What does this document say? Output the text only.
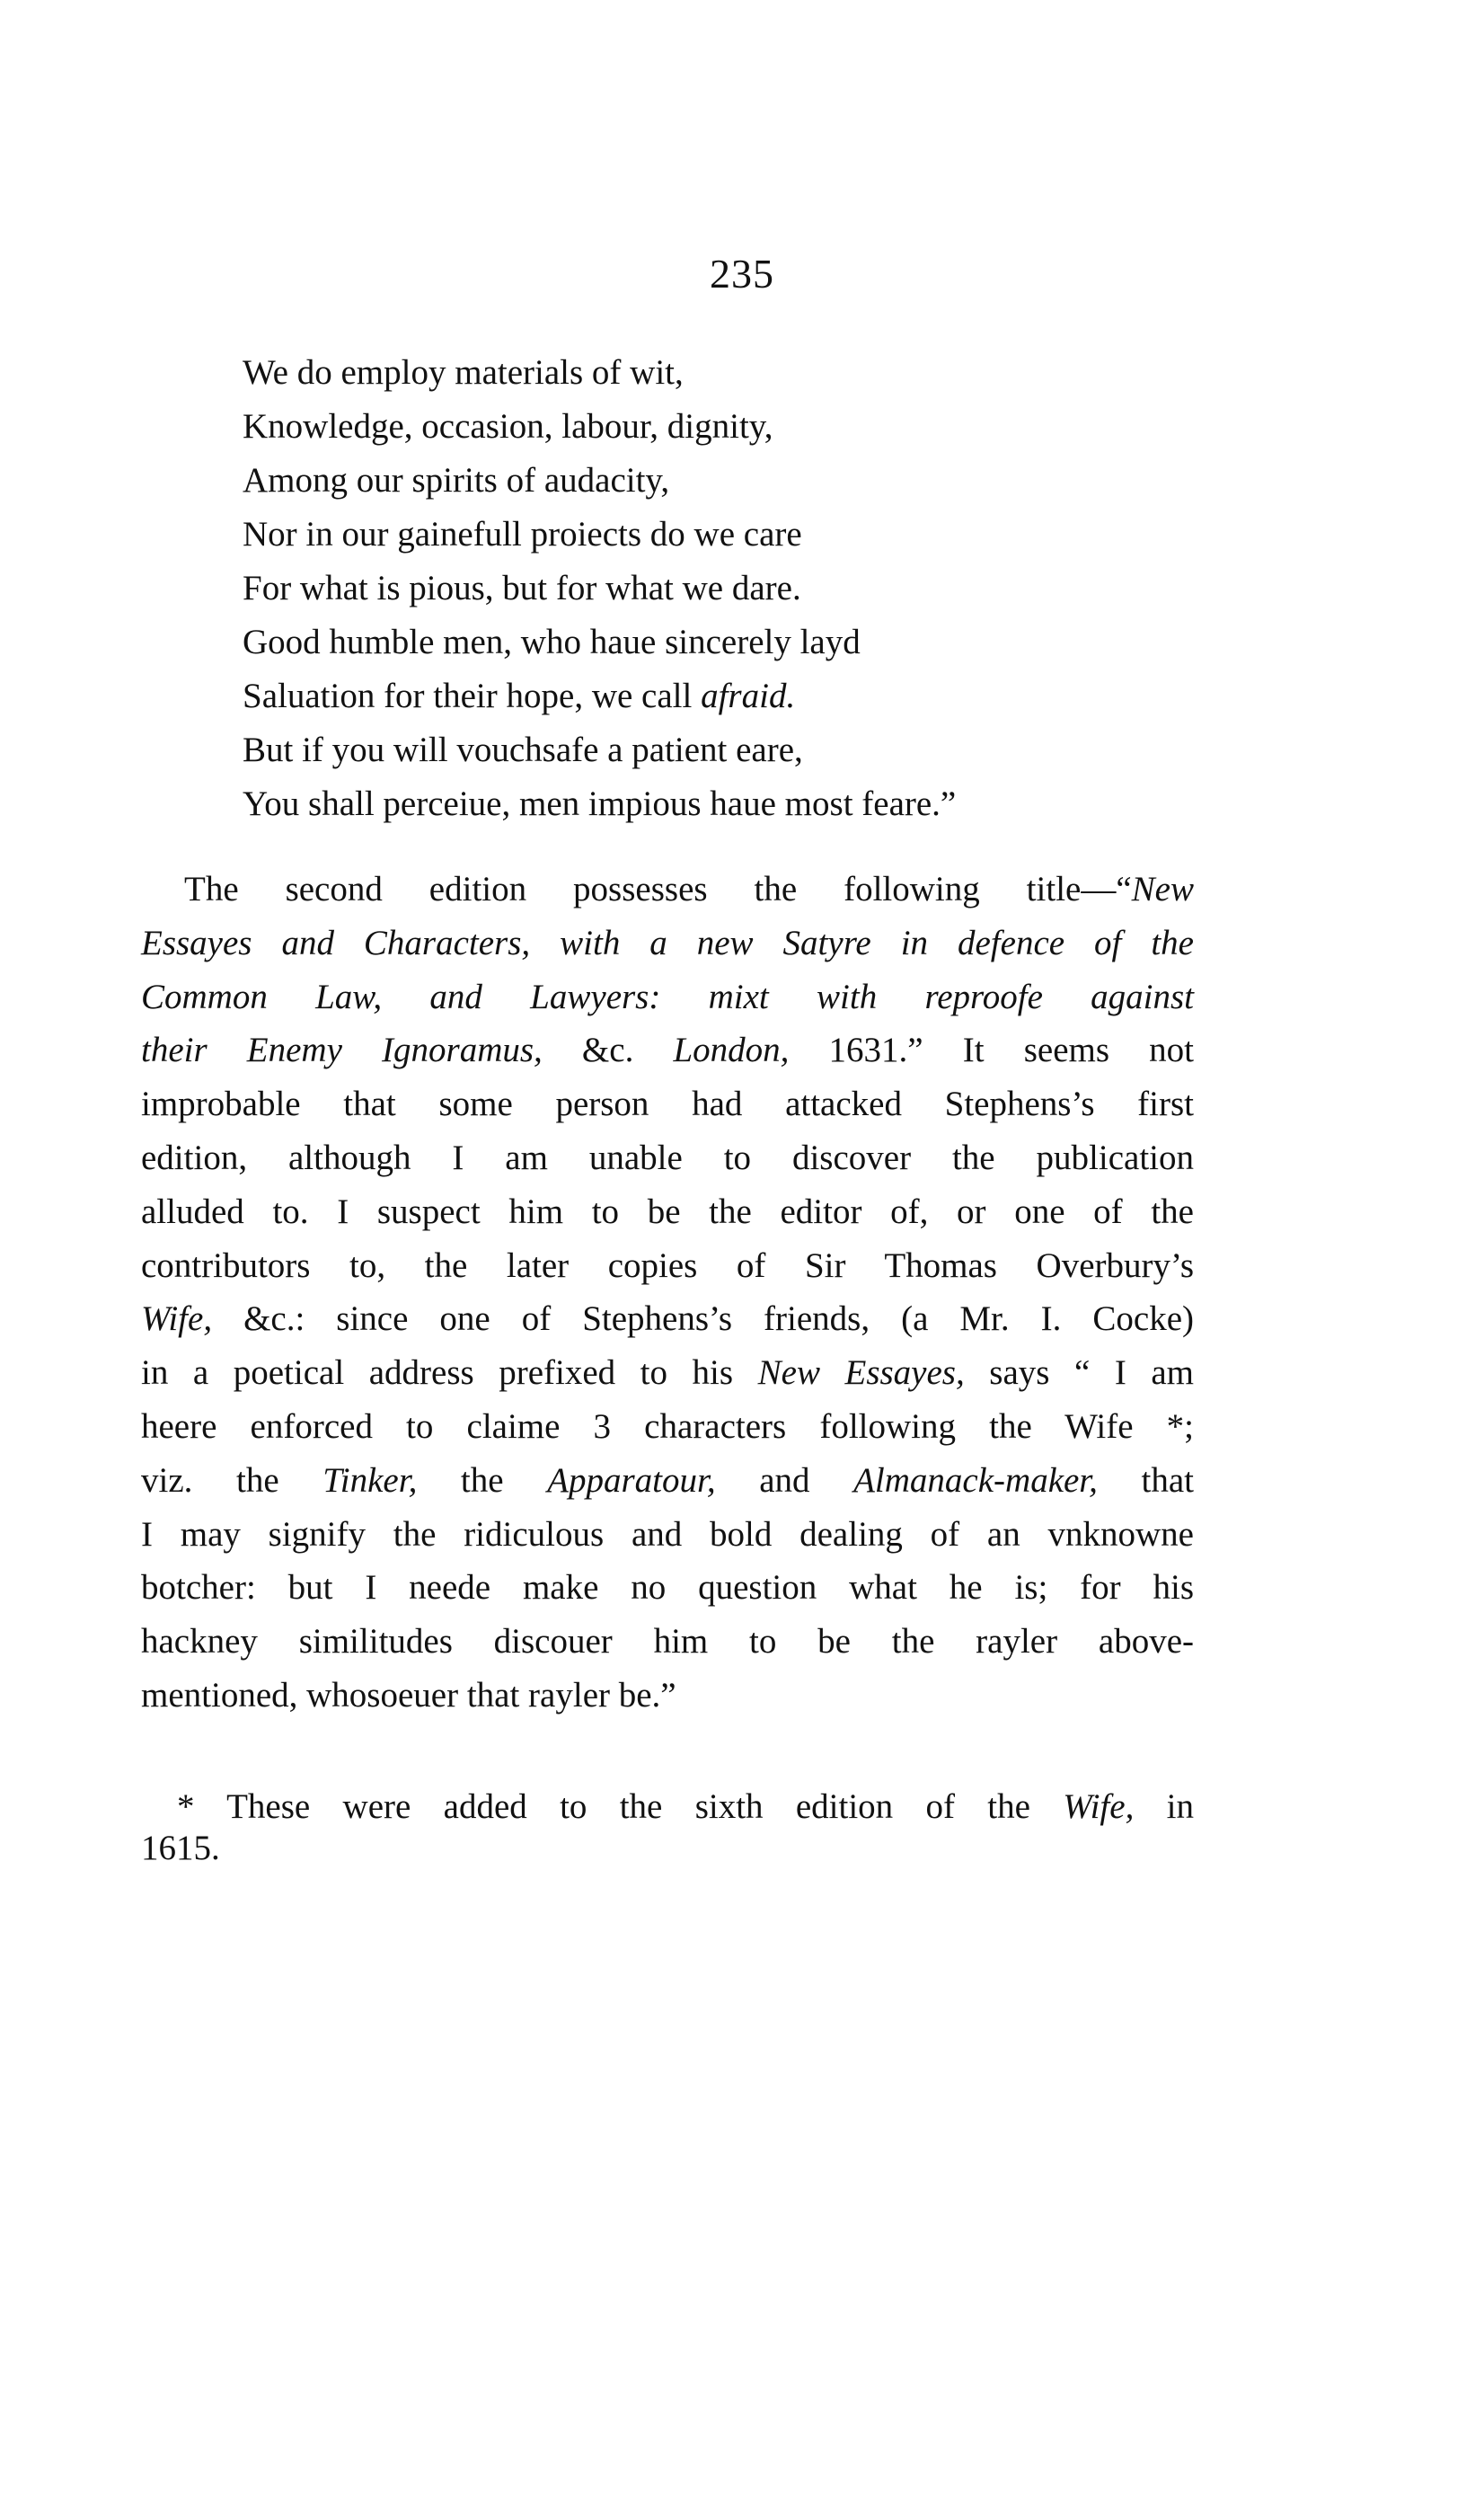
235
We do employ materials of wit,
Knowledge, occasion, labour, dignity,
Among our spirits of audacity,
Nor in our gainefull proiects do we care
For what is pious, but for what we dare.
Good humble men, who haue sincerely layd
Saluation for their hope, we call afraid.
But if you will vouchsafe a patient eare,
You shall perceiue, men impious haue most feare.”
The second edition possesses the following title—“New
Essayes and Characters, with a new Satyre in defence of the
Common Law, and Lawyers: mixt with reproofe against
their Enemy Ignoramus, &c. London, 1631.” It seems not
improbable that some person had attacked Stephens’s first
edition, although I am unable to discover the publication
alluded to. I suspect him to be the editor of, or one of the
contributors to, the later copies of Sir Thomas Overbury’s
Wife, &c.: since one of Stephens’s friends, (a Mr. I. Cocke)
in a poetical address prefixed to his New Essayes, says “ I am
heere enforced to claime 3 characters following the Wife *;
viz. the Tinker, the Apparatour, and Almanack-maker, that
I may signify the ridiculous and bold dealing of an vnknowne
botcher: but I neede make no question what he is; for his
hackney similitudes discouer him to be the rayler above-
mentioned, whosoeuer that rayler be.”
* These were added to the sixth edition of the Wife, in
1615.
